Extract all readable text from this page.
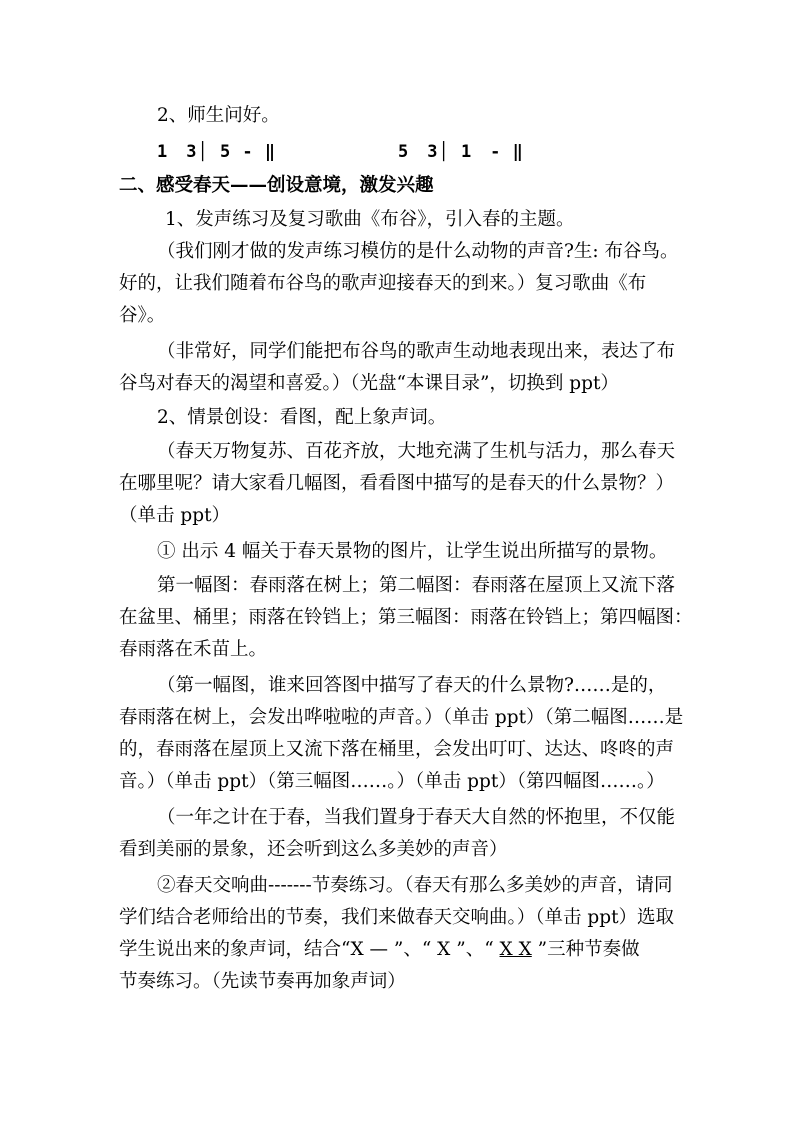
2、师生问好。
1　3│ 5 - ‖	5　3│ 1　- ‖
二、感受春天——创设意境，激发兴趣
1、发声练习及复习歌曲《布谷》，引入春的主题。
（我们刚才做的发声练习模仿的是什么动物的声音?生: 布谷鸟。
好的，让我们随着布谷鸟的歌声迎接春天的到来。）复习歌曲《布
谷》。
（非常好，同学们能把布谷鸟的歌声生动地表现出来，表达了布
谷鸟对春天的渴望和喜爱。）（光盘“本课目录”，切换到 ppt）
2、情景创设：看图，配上象声词。
（春天万物复苏、百花齐放，大地充满了生机与活力，那么春天
在哪里呢？请大家看几幅图，看看图中描写的是春天的什么景物？）
（单击 ppt）
① 出示 4 幅关于春天景物的图片，让学生说出所描写的景物。
第一幅图：春雨落在树上；第二幅图：春雨落在屋顶上又流下落
在盆里、桶里；雨落在铃铛上；第三幅图：雨落在铃铛上；第四幅图：
春雨落在禾苗上。
（第一幅图，谁来回答图中描写了春天的什么景物?……是的，
春雨落在树上，会发出哗啦啦的声音。）（单击 ppt）（第二幅图……是
的，春雨落在屋顶上又流下落在桶里，会发出叮叮、达达、咚咚的声
音。）（单击 ppt）（第三幅图……。）（单击 ppt）（第四幅图……。）
（一年之计在于春，当我们置身于春天大自然的怀抱里，不仅能
看到美丽的景象，还会听到这么多美妙的声音）
②春天交响曲-------节奏练习。（春天有那么多美妙的声音，请同
学们结合老师给出的节奏，我们来做春天交响曲。）（单击 ppt）选取
学生说出来的象声词，结合“X — ”、“ X ”、“ X X ”三种节奏做
节奏练习。（先读节奏再加象声词）
